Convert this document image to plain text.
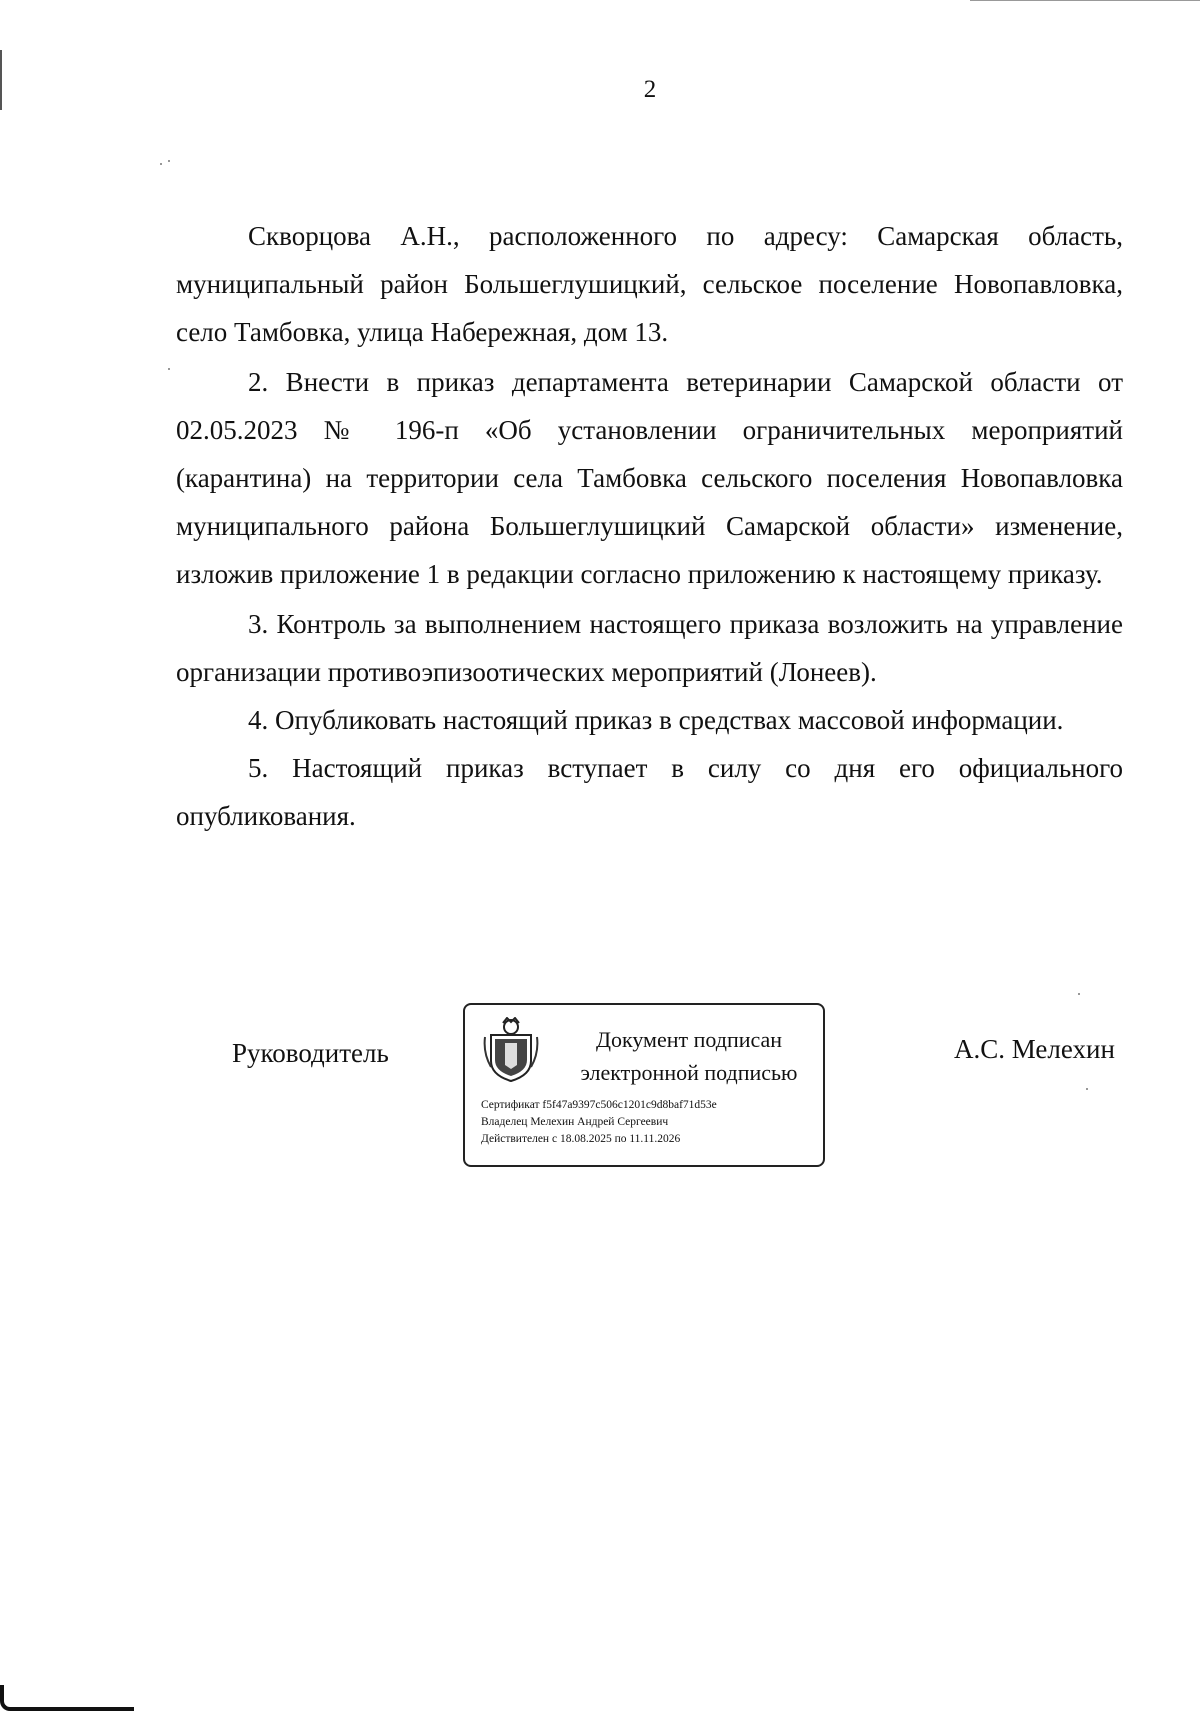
2

Скворцова А.Н., расположенного по адресу: Самарская область, муниципальный район Большеглушицкий, сельское поселение Новопавловка, село Тамбовка, улица Набережная, дом 13.

2. Внести в приказ департамента ветеринарии Самарской области от 02.05.2023 № 196-п «Об установлении ограничительных мероприятий (карантина) на территории села Тамбовка сельского поселения Новопавловка муниципального района Большеглушицкий Самарской области» изменение, изложив приложение 1 в редакции согласно приложению к настоящему приказу.

3. Контроль за выполнением настоящего приказа возложить на управление организации противоэпизоотических мероприятий (Лонеев).

4. Опубликовать настоящий приказ в средствах массовой информации.

5. Настоящий приказ вступает в силу со дня его официального опубликования.

Руководитель	Документ подписан
электронной подписью
Сертификат f5f47a9397c506c1201c9d8baf71d53e
Владелец Мелехин Андрей Сергеевич
Действителен с 18.08.2025 по 11.11.2026
А.С. Мелехин
